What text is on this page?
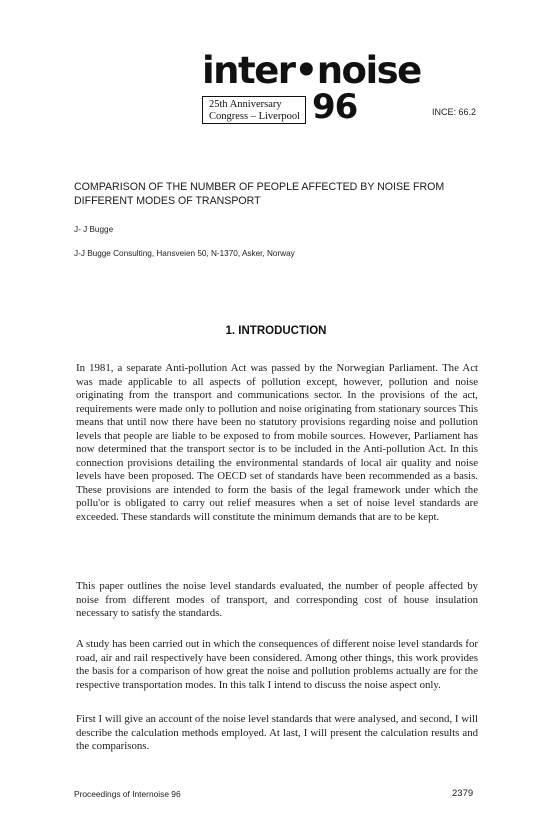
inter•noise
25th Anniversary
Congress – Liverpool 96	INCE: 66.2
COMPARISON OF THE NUMBER OF PEOPLE AFFECTED BY NOISE FROM DIFFERENT MODES OF TRANSPORT
J- J Bugge
J-J Bugge Consulting, Hansveien 50, N-1370, Asker, Norway
1. INTRODUCTION

In 1981, a separate Anti-pollution Act was passed by the Norwegian Parliament. The Act was made applicable to all aspects of pollution except, however, pollution and noise originating from the transport and communications sector. In the provisions of the act, requirements were made only to pollution and noise originating from stationary sources This means that until now there have been no statutory provisions regarding noise and pollution levels that people are liable to be exposed to from mobile sources. However, Parliament has now determined that the transport sector is to be included in the Anti-pollution Act. In this connection provisions detailing the environmental standards of local air quality and noise levels have been proposed. The OECD set of standards have been recommended as a basis. These provisions are intended to form the basis of the legal framework under which the pollu'or is obligated to carry out relief measures when a set of noise level standards are exceeded. These standards will constitute the minimum demands that are to be kept.

This paper outlines the noise level standards evaluated, the number of people affected by noise from different modes of transport, and corresponding cost of house insulation necessary to satisfy the standards.

A study has been carried out in which the consequences of different noise level standards for road, air and rail respectively have been considered. Among other things, this work provides the basis for a comparison of how great the noise and pollution problems actually are for the respective transportation modes. In this talk I intend to discuss the noise aspect only.

First I will give an account of the noise level standards that were analysed, and second, I will describe the calculation methods employed. At last, I will present the calculation results and the comparisons.

Proceedings of Internoise 96	2379
